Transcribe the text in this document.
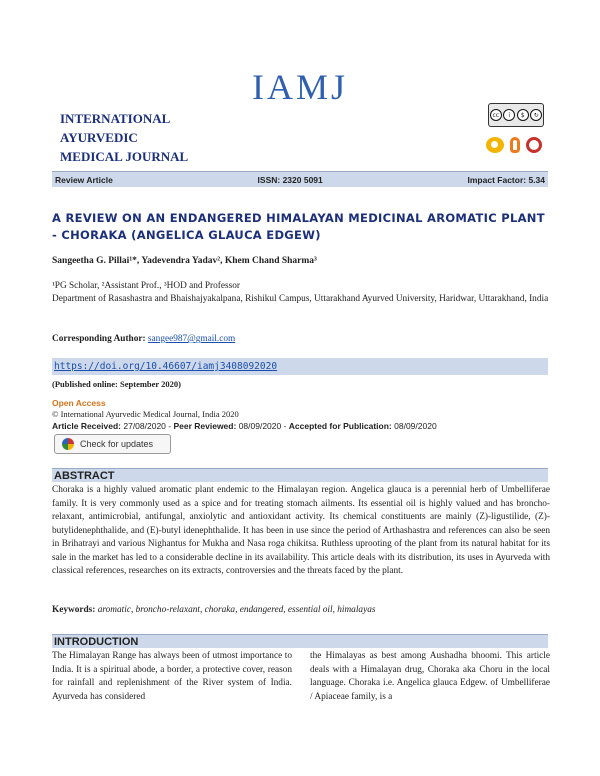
IAMJ
INTERNATIONAL
AYURVEDIC
MEDICAL JOURNAL
cc	i	$	↻
Review Article	ISSN: 2320 5091	Impact Factor: 5.34
A REVIEW ON AN ENDANGERED HIMALAYAN MEDICINAL AROMATIC PLANT - CHORAKA (ANGELICA GLAUCA EDGEW)
Sangeetha G. Pillai¹*, Yadevendra Yadav², Khem Chand Sharma³
¹PG Scholar, ²Assistant Prof., ³HOD and Professor
Department of Rasashastra and Bhaishajyakalpana, Rishikul Campus, Uttarakhand Ayurved University, Haridwar, Uttarakhand, India
Corresponding Author: sangee987@gmail.com
https://doi.org/10.46607/iamj3408092020
(Published online: September 2020)
Open Access
© International Ayurvedic Medical Journal, India 2020
Article Received: 27/08/2020 - Peer Reviewed: 08/09/2020 - Accepted for Publication: 08/09/2020
Check for updates
ABSTRACT
Choraka is a highly valued aromatic plant endemic to the Himalayan region. Angelica glauca is a perennial herb of Umbelliferae family. It is very commonly used as a spice and for treating stomach ailments. Its essential oil is highly valued and has broncho-relaxant, antimicrobial, antifungal, anxiolytic and antioxidant activity. Its chemical constituents are mainly (Z)-ligustilide, (Z)-butylidenephthalide, and (E)-butyl idenephthalide. It has been in use since the period of Arthashastra and references can also be seen in Brihatrayi and various Nighantus for Mukha and Nasa roga chikitsa. Ruthless uprooting of the plant from its natural habitat for its sale in the market has led to a considerable decline in its availability. This article deals with its distribution, its uses in Ayurveda with classical references, researches on its extracts, controversies and the threats faced by the plant.
Keywords: aromatic, broncho-relaxant, choraka, endangered, essential oil, himalayas
INTRODUCTION
The Himalayan Range has always been of utmost importance to India. It is a spiritual abode, a border, a protective cover, reason for rainfall and replenishment of the River system of India. Ayurveda has considered
the Himalayas as best among Aushadha bhoomi. This article deals with a Himalayan drug, Choraka aka Choru in the local language. Choraka i.e. Angelica glauca Edgew. of Umbelliferae / Apiaceae family, is a
